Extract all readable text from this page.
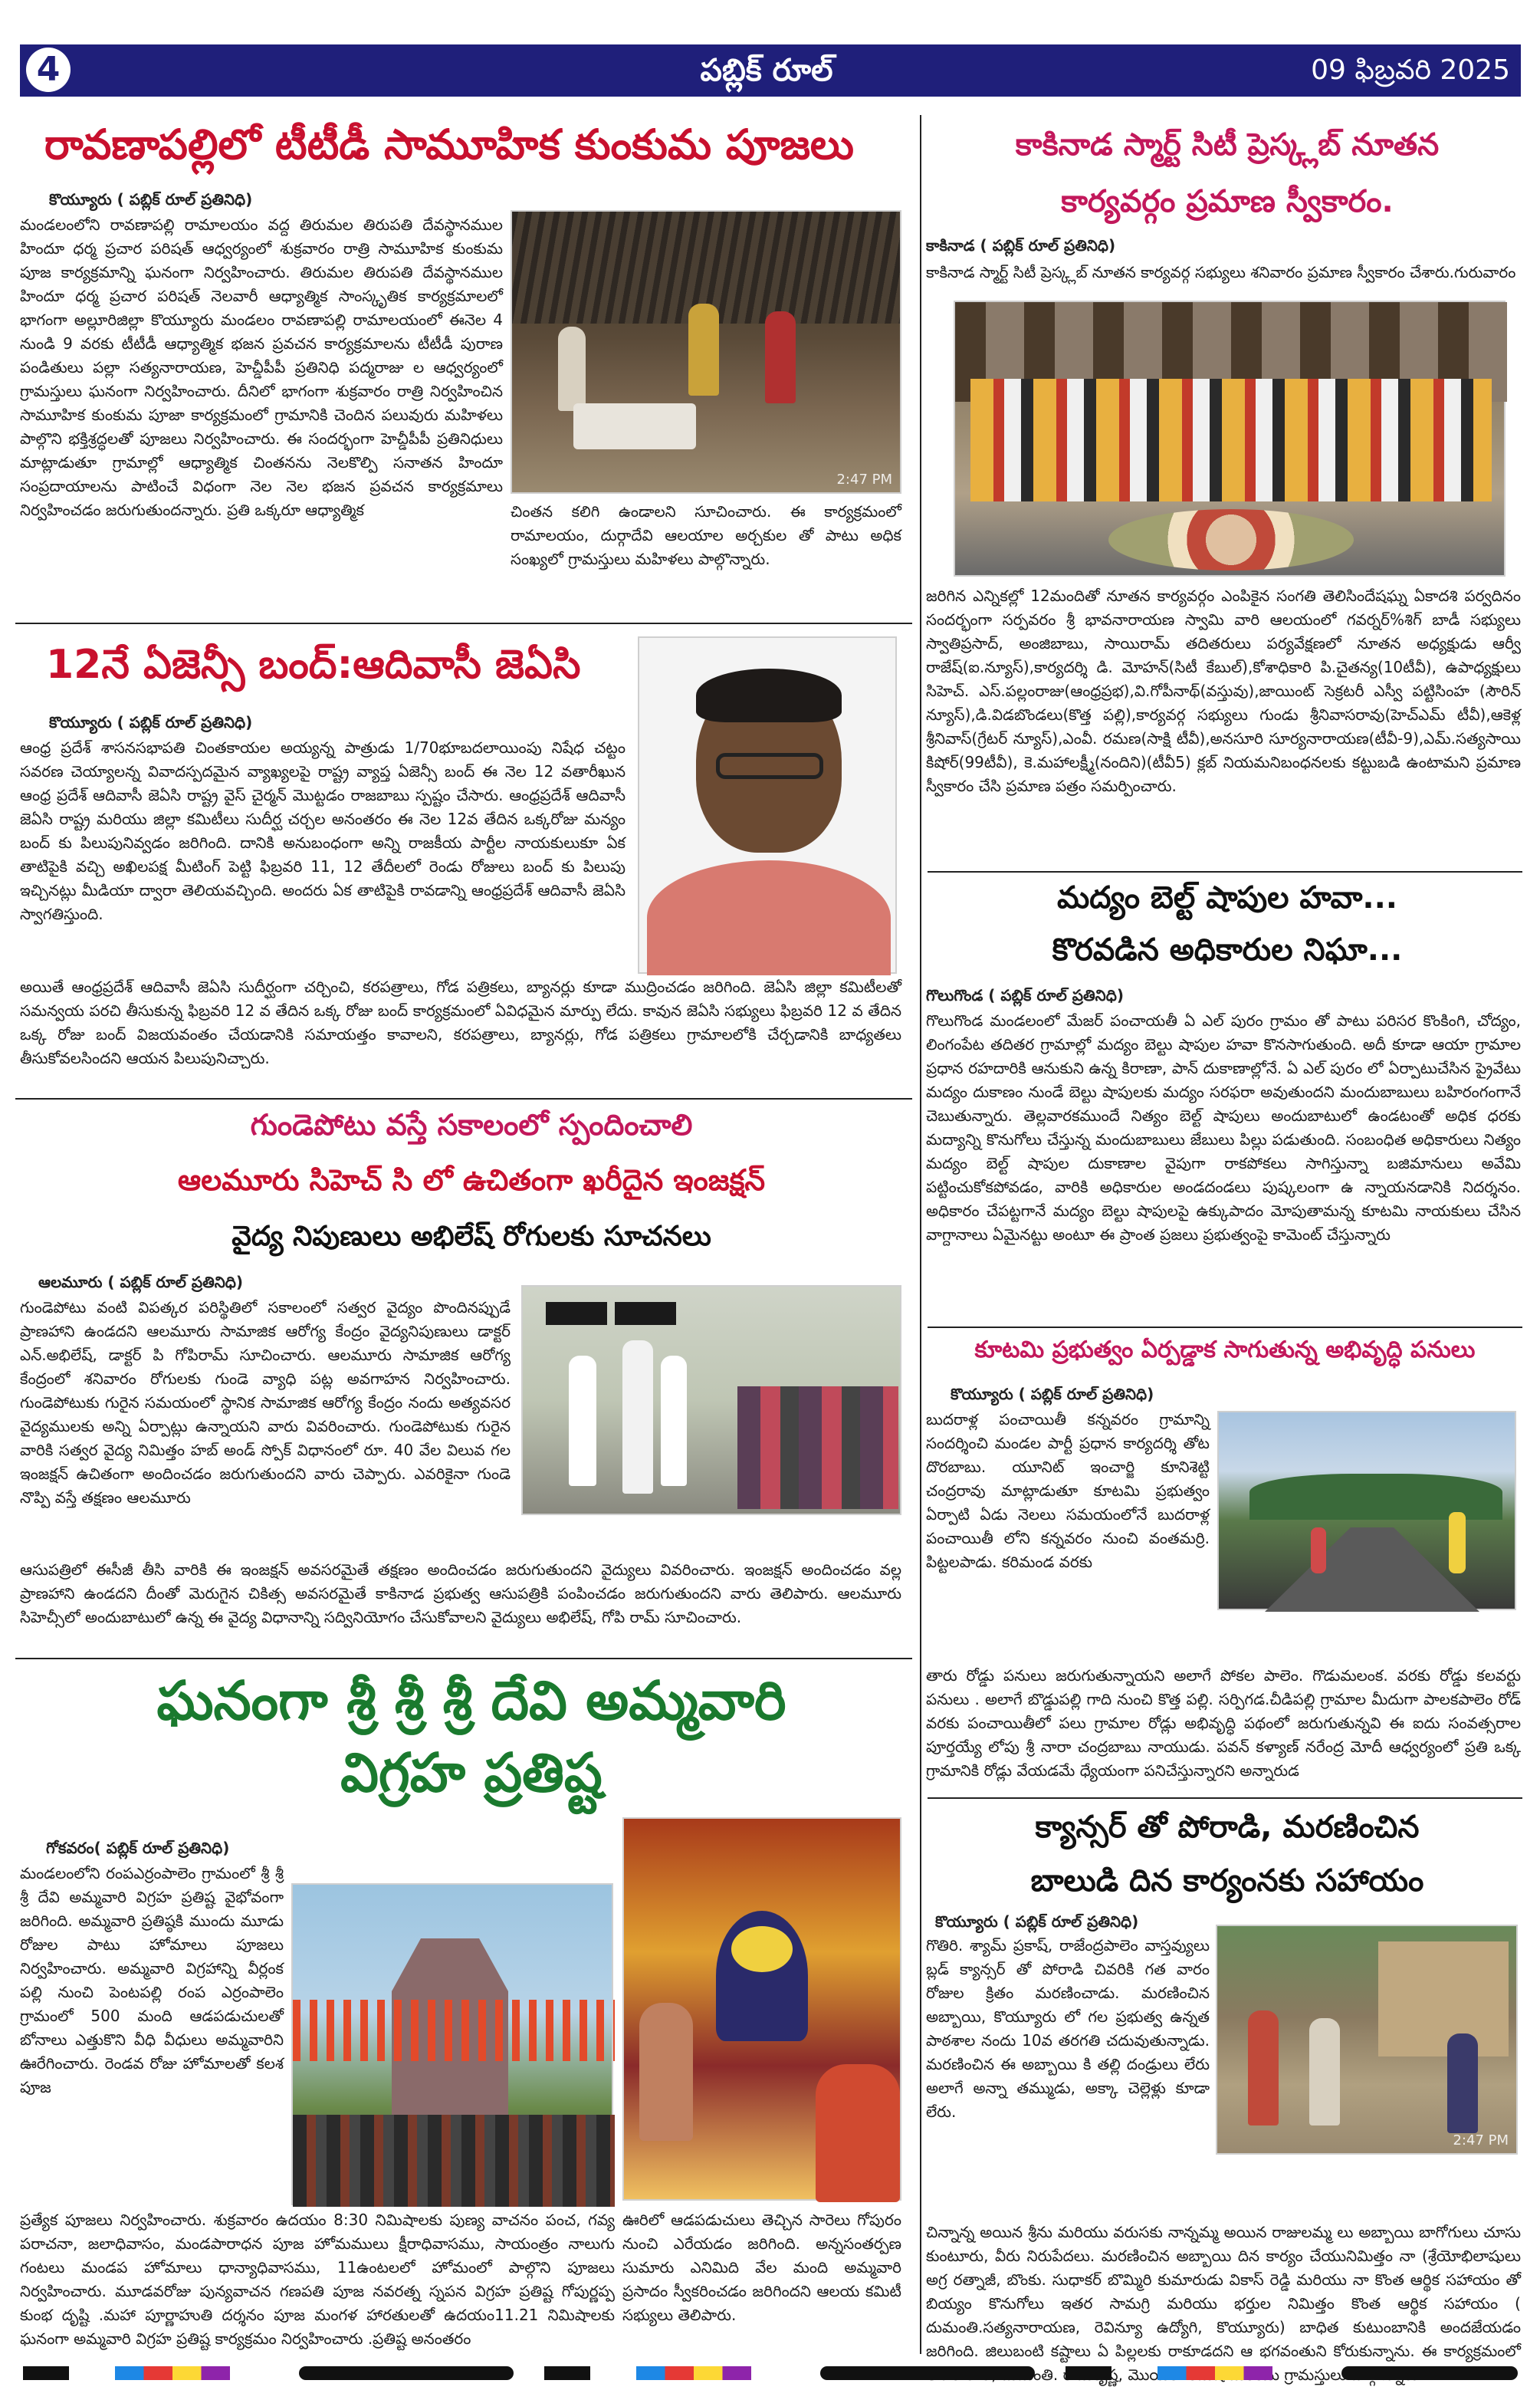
4	పబ్లిక్ రూల్	09 ఫిబ్రవరి 2025
రావణాపల్లిలో టీటీడీ సామూహిక కుంకుమ పూజలు
కొయ్యూరు ( పబ్లిక్ రూల్ ప్రతినిధి)
మండలంలోని రావణాపల్లి రామాలయం వద్ద తిరుమల తిరుపతి దేవస్థానముల హిందూ ధర్మ ప్రచార పరిషత్ ఆధ్వర్యంలో శుక్రవారం రాత్రి సామూహిక కుంకుమ పూజ కార్యక్రమాన్ని ఘనంగా నిర్వహించారు. తిరుమల తిరుపతి దేవస్థానముల హిందూ ధర్మ ప్రచార పరిషత్ నెలవారీ ఆధ్యాత్మిక సాంస్కృతిక కార్యక్రమాలలో భాగంగా అల్లూరిజిల్లా కొయ్యూరు మండలం రావణాపల్లి రామాలయంలో ఈనెల 4 నుండి 9 వరకు టీటీడీ ఆధ్యాత్మిక భజన ప్రవచన కార్యక్రమాలను టీటీడీ పురాణ పండితులు పల్లా సత్యనారాయణ, హెచ్డీపీపీ ప్రతినిధి పద్మరాజు ల ఆధ్వర్యంలో గ్రామస్తులు ఘనంగా నిర్వహించారు. దీనిలో భాగంగా శుక్రవారం రాత్రి నిర్వహించిన సామూహిక కుంకుమ పూజా కార్యక్రమంలో గ్రామానికి చెందిన పలువురు మహిళలు పాల్గొని భక్తిశ్రద్ధలతో పూజలు నిర్వహించారు. ఈ సందర్భంగా హెచ్డీపీపీ ప్రతినిధులు మాట్లాడుతూ గ్రామాల్లో ఆధ్యాత్మిక చింతనను నెలకొల్పి సనాతన హిందూ సంప్రదాయాలను పాటించే విధంగా నెల నెల భజన ప్రవచన కార్యక్రమాలు నిర్వహించడం జరుగుతుందన్నారు. ప్రతి ఒక్కరూ ఆధ్యాత్మిక
2:47 PM
చింతన కలిగి ఉండాలని సూచించారు. ఈ కార్యక్రమంలో రామాలయం, దుర్గాదేవి ఆలయాల అర్చకుల తో పాటు అధిక సంఖ్యలో గ్రామస్తులు మహిళలు పాల్గొన్నారు.
12నే ఏజెన్సీ బంద్:ఆదివాసీ జెఏసి
కొయ్యూరు ( పబ్లిక్ రూల్ ప్రతినిధి)
ఆంధ్ర ప్రదేశ్ శాసనసభాపతి చింతకాయల అయ్యన్న పాత్రుడు 1/70భూబదలాయింపు నిషేధ చట్టం సవరణ చెయ్యాలన్న వివాదస్పదమైన వ్యాఖ్యలపై రాష్ట్ర వ్యాప్త ఏజెన్సీ బంద్ ఈ నెల 12 వతారీఖున ఆంధ్ర ప్రదేశ్ ఆదివాసీ జెఏసి రాష్ట్ర వైస్ చైర్మన్ మొట్టడం రాజబాబు స్పష్టం చేసారు. ఆంధ్రప్రదేశ్ ఆదివాసీ జెఏసి రాష్ట్ర మరియు జిల్లా కమిటీలు సుదీర్ఘ చర్చల అనంతరం ఈ నెల 12వ తేదిన ఒక్కరోజు మన్యం బంద్ కు పిలుపునివ్వడం జరిగింది. దానికి అనుబంధంగా అన్ని రాజకీయ పార్టీల నాయకులుకూ ఏక తాటిపైకి వచ్చి అఖిలపక్ష మీటింగ్ పెట్టి ఫిబ్రవరి 11, 12 తేదీలలో రెండు రోజులు బంద్ కు పిలుపు ఇచ్చినట్లు మీడియా ద్వారా తెలియవచ్చింది. అందరు ఏక తాటిపైకి రావడాన్ని ఆంధ్రప్రదేశ్ ఆదివాసీ జెఏసి స్వాగతిస్తుంది.
అయితే ఆంధ్రప్రదేశ్ ఆదివాసీ జెఏసి సుదీర్ఘంగా చర్చించి, కరపత్రాలు, గోడ పత్రికలు, బ్యానర్లు కూడా ముద్రించడం జరిగింది. జెఏసి జిల్లా కమిటీలతో సమన్వయ పరచి తీసుకున్న ఫిబ్రవరి 12 వ తేదిన ఒక్క రోజు బంద్ కార్యక్రమంలో ఏవిధమైన మార్పు లేదు. కావున జెఏసి సభ్యులు ఫిబ్రవరి 12 వ తేదిన ఒక్క రోజు బంద్ విజయవంతం చేయడానికి సమాయత్తం కావాలని, కరపత్రాలు, బ్యానర్లు, గోడ పత్రికలు గ్రామాలలోకి చేర్చడానికి బాధ్యతలు తీసుకోవలసిందని ఆయన పిలుపునిచ్చారు.
గుండెపోటు వస్తే సకాలంలో స్పందించాలి
ఆలమూరు సిహెచ్ సి లో ఉచితంగా ఖరీదైన ఇంజక్షన్
వైద్య నిపుణులు అభిలేష్ రోగులకు సూచనలు
ఆలమూరు ( పబ్లిక్ రూల్ ప్రతినిధి)
గుండెపోటు వంటి విపత్కర పరిస్థితిలో సకాలంలో సత్వర వైద్యం పొందినప్పుడే ప్రాణహాని ఉండదని ఆలమూరు సామాజిక ఆరోగ్య కేంద్రం వైద్యనిపుణులు డాక్టర్ ఎన్.అభిలేష్, డాక్టర్ పి గోపిరామ్ సూచించారు. ఆలమూరు సామాజిక ఆరోగ్య కేంద్రంలో శనివారం రోగులకు గుండె వ్యాధి పట్ల అవగాహన నిర్వహించారు. గుండెపోటుకు గురైన సమయంలో స్థానిక సామాజిక ఆరోగ్య కేంద్రం నందు అత్యవసర వైద్యములకు అన్ని ఏర్పాట్లు ఉన్నాయని వారు వివరించారు. గుండెపోటుకు గురైన వారికి సత్వర వైద్య నిమిత్తం హబ్ అండ్ స్పోక్ విధానంలో రూ. 40 వేల విలువ గల ఇంజక్షన్ ఉచితంగా అందించడం జరుగుతుందని వారు చెప్పారు. ఎవరికైనా గుండె నొప్పి వస్తే తక్షణం ఆలమూరు
ఆసుపత్రిలో ఈసీజీ తీసి వారికి ఈ ఇంజక్షన్ అవసరమైతే తక్షణం అందించడం జరుగుతుందని వైద్యులు వివరించారు. ఇంజక్షన్ అందించడం వల్ల ప్రాణహాని ఉండదని దీంతో మెరుగైన చికిత్స అవసరమైతే కాకినాడ ప్రభుత్వ ఆసుపత్రికి పంపించడం జరుగుతుందని వారు తెలిపారు. ఆలమూరు సిహెచ్సీలో అందుబాటులో ఉన్న ఈ వైద్య విధానాన్ని సద్వినియోగం చేసుకోవాలని వైద్యులు అభిలేష్, గోపి రామ్ సూచించారు.
ఘనంగా శ్రీ శ్రీ శ్రీ దేవి అమ్మవారి
విగ్రహ ప్రతిష్ట
గోకవరం( పబ్లిక్ రూల్ ప్రతినిధి)
మండలంలోని రంపఎర్రంపాలెం గ్రామంలో శ్రీ శ్రీ శ్రీ దేవి అమ్మవారి విగ్రహ ప్రతిష్ట వైభోవంగా జరిగింది. అమ్మవారి ప్రతిష్ఠకి ముందు మూడు రోజుల పాటు హోమాలు పూజలు నిర్వహించారు. అమ్మవారి విగ్రహాన్ని వీర్లంక పల్లి నుంచి పెంటపల్లి రంప ఎర్రంపాలెం గ్రామంలో 500 మంది ఆడపడుచులతో బోనాలు ఎత్తుకొని వీధి వీధులు అమ్మవారిని ఊరేగించారు. రెండవ రోజు హోమాలతో కలశ పూజ
ప్రత్యేక పూజలు నిర్వహించారు. శుక్రవారం ఉదయం 8:30 నిమిషాలకు పుణ్య వాచనం పంచ, గవ్య పరాచనా, జలాధివాసం, మండపారాధన పూజ హోమములు క్షీరాధివాసము, సాయంత్రం నాలుగు గంటలు మండప హోమాలు ధాన్యాధివాసము, 11ఉంటలలో హోమంలో పాల్గొని పూజలు నిర్వహించారు. మూడవరోజు పున్యవాచన గణపతి పూజ నవరత్న స్నపన విగ్రహ ప్రతిష్ట గోపుర్ణప్ప కుంభ దృష్టి .మహా పూర్ణాహుతి దర్శనం పూజ మంగళ హారతులతో ఉదయం11.21 నిమిషాలకు ఘనంగా అమ్మవారి విగ్రహ ప్రతిష్ట కార్యక్రమం నిర్వహించారు .ప్రతిష్ట అనంతరం
ఊరిలో ఆడపడుచులు తెచ్చిన సారెలు గోపురం నుంచి ఎరేయడం జరిగింది. అన్నసంతర్పణ సుమారు ఎనిమిది వేల మంది అమ్మవారి ప్రసాదం స్వీకరించడం జరిగిందని ఆలయ కమిటీ సభ్యులు తెలిపారు.
కాకినాడ స్మార్ట్ సిటీ ప్రెస్క్లబ్ నూతన
కార్యవర్గం ప్రమాణ స్వీకారం.
కాకినాడ ( పబ్లిక్ రూల్ ప్రతినిధి)
కాకినాడ స్మార్ట్ సిటీ ప్రెస్క్లబ్ నూతన కార్యవర్గ సభ్యులు శనివారం ప్రమాణ స్వీకారం చేశారు.గురువారం
జరిగిన ఎన్నికల్లో 12మందితో నూతన కార్యవర్గం ఎంపికైన సంగతి తెలిసిందేషఘ్న ఏకాదశి పర్వదినం సందర్భంగా సర్పవరం శ్రీ భావనారాయణ స్వామి వారి ఆలయంలో గవర్నర్%శిగ్ బాడీ సభ్యులు స్వాతిప్రసాద్, అంజిబాబు, సాయిరామ్ తదితరులు పర్యవేక్షణలో నూతన అధ్యక్షుడు ఆర్వీ రాజేష్(ఐ.న్యూస్),కార్యదర్శి డి. మోహన్(సిటీ కేబుల్),కోశాధికారి పి.చైతన్య(10టీవీ), ఉపాధ్యక్షులు సిహెచ్. ఎస్.పల్లంరాజు(ఆంధ్రప్రభ),వి.గోపీనాథ్(వస్తువు),జాయింట్ సెక్రటరీ ఎస్వీ పట్టిసింహ (సౌరిన్ న్యూస్),డి.విడబొండలు(కొత్త పల్లి),కార్యవర్గ సభ్యులు గుండు శ్రీనివాసరావు(హెచ్ఎమ్ టీవీ),ఆకెళ్ల శ్రీనివాస్(గ్రేటర్ న్యూస్),ఎంవీ. రమణ(సాక్షి టీవీ),అనసూరి సూర్యనారాయణ(టీవీ-9),ఎమ్.సత్యసాయి కిషోర్(99టీవీ), కె.మహాలక్ష్మీ(నందిని)(టీవీ5) క్లబ్ నియమనిబంధనలకు కట్టుబడి ఉంటామని ప్రమాణ స్వీకారం చేసి ప్రమాణ పత్రం సమర్పించారు.
మద్యం బెల్ట్ షాపుల హవా...
కొరవడిన అధికారుల నిఘా...
గొలుగొండ ( పబ్లిక్ రూల్ ప్రతినిధి)
గొలుగొండ మండలంలో మేజర్ పంచాయతీ ఏ ఎల్ పురం గ్రామం తో పాటు పరిసర కొంకింగి, చోద్యం, లింగంపేట తదితర గ్రామాల్లో మద్యం బెల్టు షాపుల హవా కొనసాగుతుంది. అదీ కూడా ఆయా గ్రామాల ప్రధాన రహదారికి ఆనుకుని ఉన్న కిరాణా, పాన్ దుకాణాల్లోనే. ఏ ఎల్ పురం లో ఏర్పాటుచేసిన ప్రైవేటు మద్యం దుకాణం నుండే బెల్టు షాపులకు మద్యం సరఫరా అవుతుందని మందుబాబులు బహిరంగంగానే చెబుతున్నారు. తెల్లవారకముందే నిత్యం బెల్ట్ షాపులు అందుబాటులో ఉండటంతో అధిక ధరకు మద్యాన్ని కొనుగోలు చేస్తున్న మందుబాబులు జేబులు పిల్లు పడుతుంది. సంబంధిత అధికారులు నిత్యం మద్యం బెల్ట్ షాపుల దుకాణాల వైపుగా రాకపోకలు సాగిస్తున్నా బజిమానులు అవేమి పట్టించుకోకపోవడం, వారికి అధికారుల అండదండలు పుష్కలంగా ఉ న్నాయనడానికి నిదర్శనం. అధికారం చేపట్టగానే మద్యం బెల్టు షాపులపై ఉక్కుపాదం మోపుతామన్న కూటమి నాయకులు చేసిన వాగ్దానాలు ఏమైనట్టు అంటూ ఈ ప్రాంత ప్రజలు ప్రభుత్వంపై కామెంట్ చేస్తున్నారు
కూటమి ప్రభుత్వం ఏర్పడ్డాక సాగుతున్న అభివృద్ధి పనులు
కొయ్యూరు ( పబ్లిక్ రూల్ ప్రతినిధి)
బుదరాళ్ల పంచాయితీ కన్నవరం గ్రామాన్ని సందర్శించి మండల పార్టీ ప్రధాన కార్యదర్శి తోట దొరబాబు. యూనిట్ ఇంచార్జి కూనిశెట్టి చంద్రరావు మాట్లాడుతూ కూటమి ప్రభుత్వం ఏర్పాటి ఏడు నెలలు సమయంలోనే బుదరాళ్ల పంచాయితీ లోని కన్నవరం నుంచి వంతమర్రి. పిట్టలపాడు. కరిమండ వరకు
తారు రోడ్డు పనులు జరుగుతున్నాయని అలాగే పోకల పాలెం. గొడుమలంక. వరకు రోడ్డు కలవర్టు పనులు . అలాగే బొడ్డుపల్లి గాది నుంచి కొత్త పల్లి. సర్పిగడ.చీడిపల్లి గ్రామాల మీదుగా పాలకపాలెం రోడ్ వరకు పంచాయితీలో పలు గ్రామాల రోడ్లు అభివృద్ధి పథంలో జరుగుతున్నవి ఈ ఐదు సంవత్సరాల పూర్తయ్యే లోపు శ్రీ నారా చంద్రబాబు నాయుడు. పవన్ కళ్యాణ్ నరేంద్ర మోదీ ఆధ్వర్యంలో ప్రతి ఒక్క గ్రామానికి రోడ్లు వేయడమే ధ్యేయంగా పనిచేస్తున్నారని అన్నారుడ
క్యాన్సర్ తో పోరాడి, మరణించిన
బాలుడి దిన కార్యంనకు సహాయం
కొయ్యూరు ( పబ్లిక్ రూల్ ప్రతినిధి)
గొతిరి. శ్యామ్ ప్రకాష్, రాజేంద్రపాలెం వాస్తవ్యులు బ్లడ్ క్యాన్సర్ తో పోరాడి చివరికి గత వారం రోజుల క్రితం మరణించాడు. మరణించిన అబ్బాయి, కొయ్యూరు లో గల ప్రభుత్వ ఉన్నత పాఠశాల నందు 10వ తరగతి చదువుతున్నాడు. మరణించిన ఈ అబ్బాయి కి తల్లి దండ్రులు లేరు అలాగే అన్నా తమ్ముడు, అక్కా చెల్లెళ్లు కూడా లేరు.
2:47 PM
చిన్నాన్న అయిన శ్రీను మరియు వరుసకు నాన్నమ్మ అయిన రాజులమ్మ లు అబ్బాయి బాగోగులు చూసు కుంటూరు, వీరు నిరుపేదలు. మరణించిన అబ్బాయి దిన కార్యం చేయునిమిత్తం నా (శ్రేయోభిలాషులు అగ్ర రత్నాజీ, బొంకు. సుధాకర్ బొమ్మిరి కుమారుడు వికాస్ రెడ్డి మరియు నా కొంత ఆర్థిక సహాయం తో బియ్యం కొనుగోలు ఇతర సామగ్రి మరియు భర్తుల నిమిత్తం కొంత ఆర్థిక సహాయం ( దుమంతి.సత్యనారాయణ, రెవిన్యూ ఉద్యోగి, కొయ్యూరు) బాధిత కుటుంబానికి అందజేయడం జరిగింది. జిలుబంటి కష్టాలు ఏ పిల్లలకు రాకూడదని ఆ భగవంతుని కోరుకున్నాను. ఈ కార్యక్రమంలో మొయిరి. గ్రామస్తులు
